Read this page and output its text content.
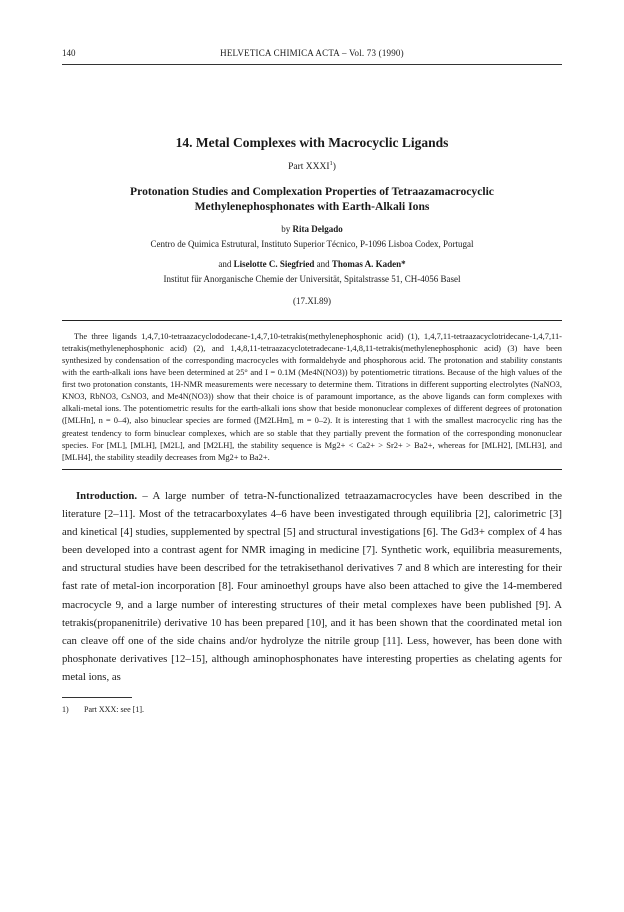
140	HELVETICA CHIMICA ACTA – Vol. 73 (1990)
14. Metal Complexes with Macrocyclic Ligands
Part XXXI$^1$)
Protonation Studies and Complexation Properties of Tetraazamacrocyclic
Methylenephosphonates with Earth-Alkali Ions
by Rita Delgado
Centro de Quimica Estrutural, Instituto Superior Técnico, P-1096 Lisboa Codex, Portugal
and Liselotte C. Siegfried and Thomas A. Kaden*
Institut für Anorganische Chemie der Universität, Spitalstrasse 51, CH-4056 Basel
(17.XI.89)

The three ligands 1,4,7,10-tetraazacyclododecane-1,4,7,10-tetrakis(methylenephosphonic acid) (1), 1,4,7,11-tetraazacyclotridecane-1,4,7,11-tetrakis(methylenephosphonic acid) (2), and 1,4,8,11-tetraazacyclotetradecane-1,4,8,11-tetrakis(methylenephosphonic acid) (3) have been synthesized by condensation of the corresponding macrocycles with formaldehyde and phosphorous acid. The protonation and stability constants with the earth-alkali ions have been determined at 25° and I = 0.1M (Me4N(NO3)) by potentiometric titrations. Because of the high values of the first two protonation constants, 1H-NMR measurements were necessary to determine them. Titrations in different supporting electrolytes (NaNO3, KNO3, RbNO3, CsNO3, and Me4N(NO3)) show that their choice is of paramount importance, as the above ligands can form complexes with alkali-metal ions. The potentiometric results for the earth-alkali ions show that beside mononuclear complexes of different degrees of protonation ([MLHn], n = 0–4), also binuclear species are formed ([M2LHm], m = 0–2). It is interesting that 1 with the smallest macrocyclic ring has the greatest tendency to form binuclear complexes, which are so stable that they partially prevent the formation of the corresponding mononuclear species. For [ML], [MLH], [M2L], and [M2LH], the stability sequence is Mg2+ < Ca2+ > Sr2+ > Ba2+, whereas for [MLH2], [MLH3], and [MLH4], the stability steadily decreases from Mg2+ to Ba2+.

Introduction. – A large number of tetra-N-functionalized tetraazamacrocycles have been described in the literature [2–11]. Most of the tetracarboxylates 4–6 have been investigated through equilibria [2], calorimetric [3] and kinetical [4] studies, supplemented by spectral [5] and structural investigations [6]. The Gd3+ complex of 4 has been developed into a contrast agent for NMR imaging in medicine [7]. Synthetic work, equilibria measurements, and structural studies have been described for the tetrakisethanol derivatives 7 and 8 which are interesting for their fast rate of metal-ion incorporation [8]. Four aminoethyl groups have also been attached to give the 14-membered macrocycle 9, and a large number of interesting structures of their metal complexes have been published [9]. A tetrakis(propanenitrile) derivative 10 has been prepared [10], and it has been shown that the coordinated metal ion can cleave off one of the side chains and/or hydrolyze the nitrile group [11]. Less, however, has been done with phosphonate derivatives [12–15], although aminophosphonates have interesting properties as chelating agents for metal ions, as

1) Part XXX: see [1].
